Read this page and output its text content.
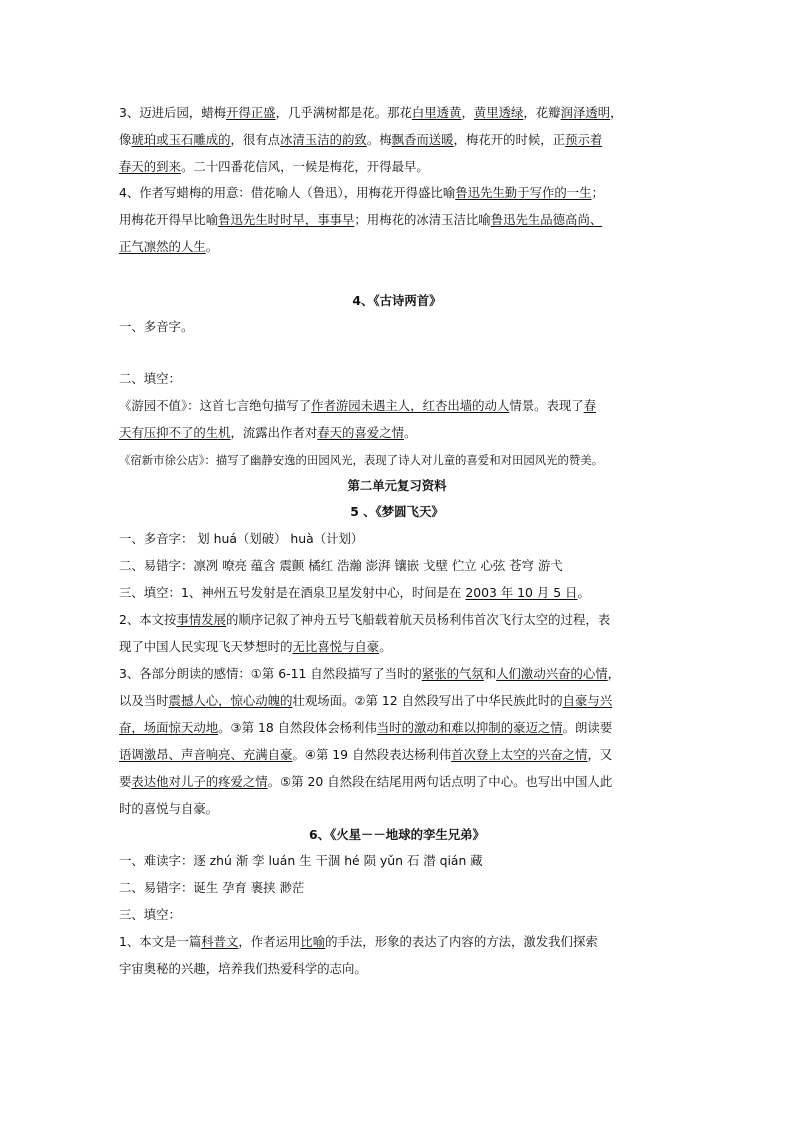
3、迈进后园，蜡梅开得正盛，几乎满树都是花。那花白里透黄，黄里透绿，花瓣润泽透明，
像琥珀或玉石雕成的，很有点冰清玉洁的韵致。梅飘香而送暖，梅花开的时候，正预示着
春天的到来。二十四番花信风，一候是梅花，开得最早。
4、作者写蜡梅的用意：借花喻人（鲁迅），用梅花开得盛比喻鲁迅先生勤于写作的一生；
用梅花开得早比喻鲁迅先生时时早，事事早；用梅花的冰清玉洁比喻鲁迅先生品德高尚、
正气凛然的人生。
4、《古诗两首》
一、多音字。
二、填空：
《游园不值》：这首七言绝句描写了作者游园未遇主人，红杏出墙的动人情景。表现了春
天有压抑不了的生机，流露出作者对春天的喜爱之情。
《宿新市徐公店》：描写了幽静安逸的田园风光，表现了诗人对儿童的喜爱和对田园风光的赞美。
第二单元复习资料
5 、《梦圆飞天》
一、多音字： 划 huá（划破） huà（计划）
二、易错字：凛冽 嘹亮 蕴含 震颤 橘红 浩瀚 澎湃 镶嵌 戈壁 伫立 心弦 苍穹 游弋
三、填空：1、神州五号发射是在酒泉卫星发射中心，时间是在 2003 年 10 月 5 日。
2、本文按事情发展的顺序记叙了神舟五号飞船载着航天员杨利伟首次飞行太空的过程，表
现了中国人民实现飞天梦想时的无比喜悦与自豪。
3、各部分朗读的感情：①第 6-11 自然段描写了当时的紧张的气氛和人们激动兴奋的心情，
以及当时震撼人心，惊心动魄的壮观场面。②第 12 自然段写出了中华民族此时的自豪与兴
奋，场面惊天动地。③第 18 自然段体会杨利伟当时的激动和难以抑制的豪迈之情。朗读要
语调激昂、声音响亮、充满自豪。④第 19 自然段表达杨利伟首次登上太空的兴奋之情，又
要表达他对儿子的疼爱之情。⑤第 20 自然段在结尾用两句话点明了中心。也写出中国人此
时的喜悦与自豪。
6、《火星－－地球的孪生兄弟》
一、难读字：逐 zhú 渐 孪 luán 生 干涸 hé 陨 yǔn 石 潜 qián 藏
二、易错字：诞生 孕育 裹挟 渺茫
三、填空：
1、本文是一篇科普文，作者运用比喻的手法，形象的表达了内容的方法，激发我们探索
宇宙奥秘的兴趣，培养我们热爱科学的志向。
